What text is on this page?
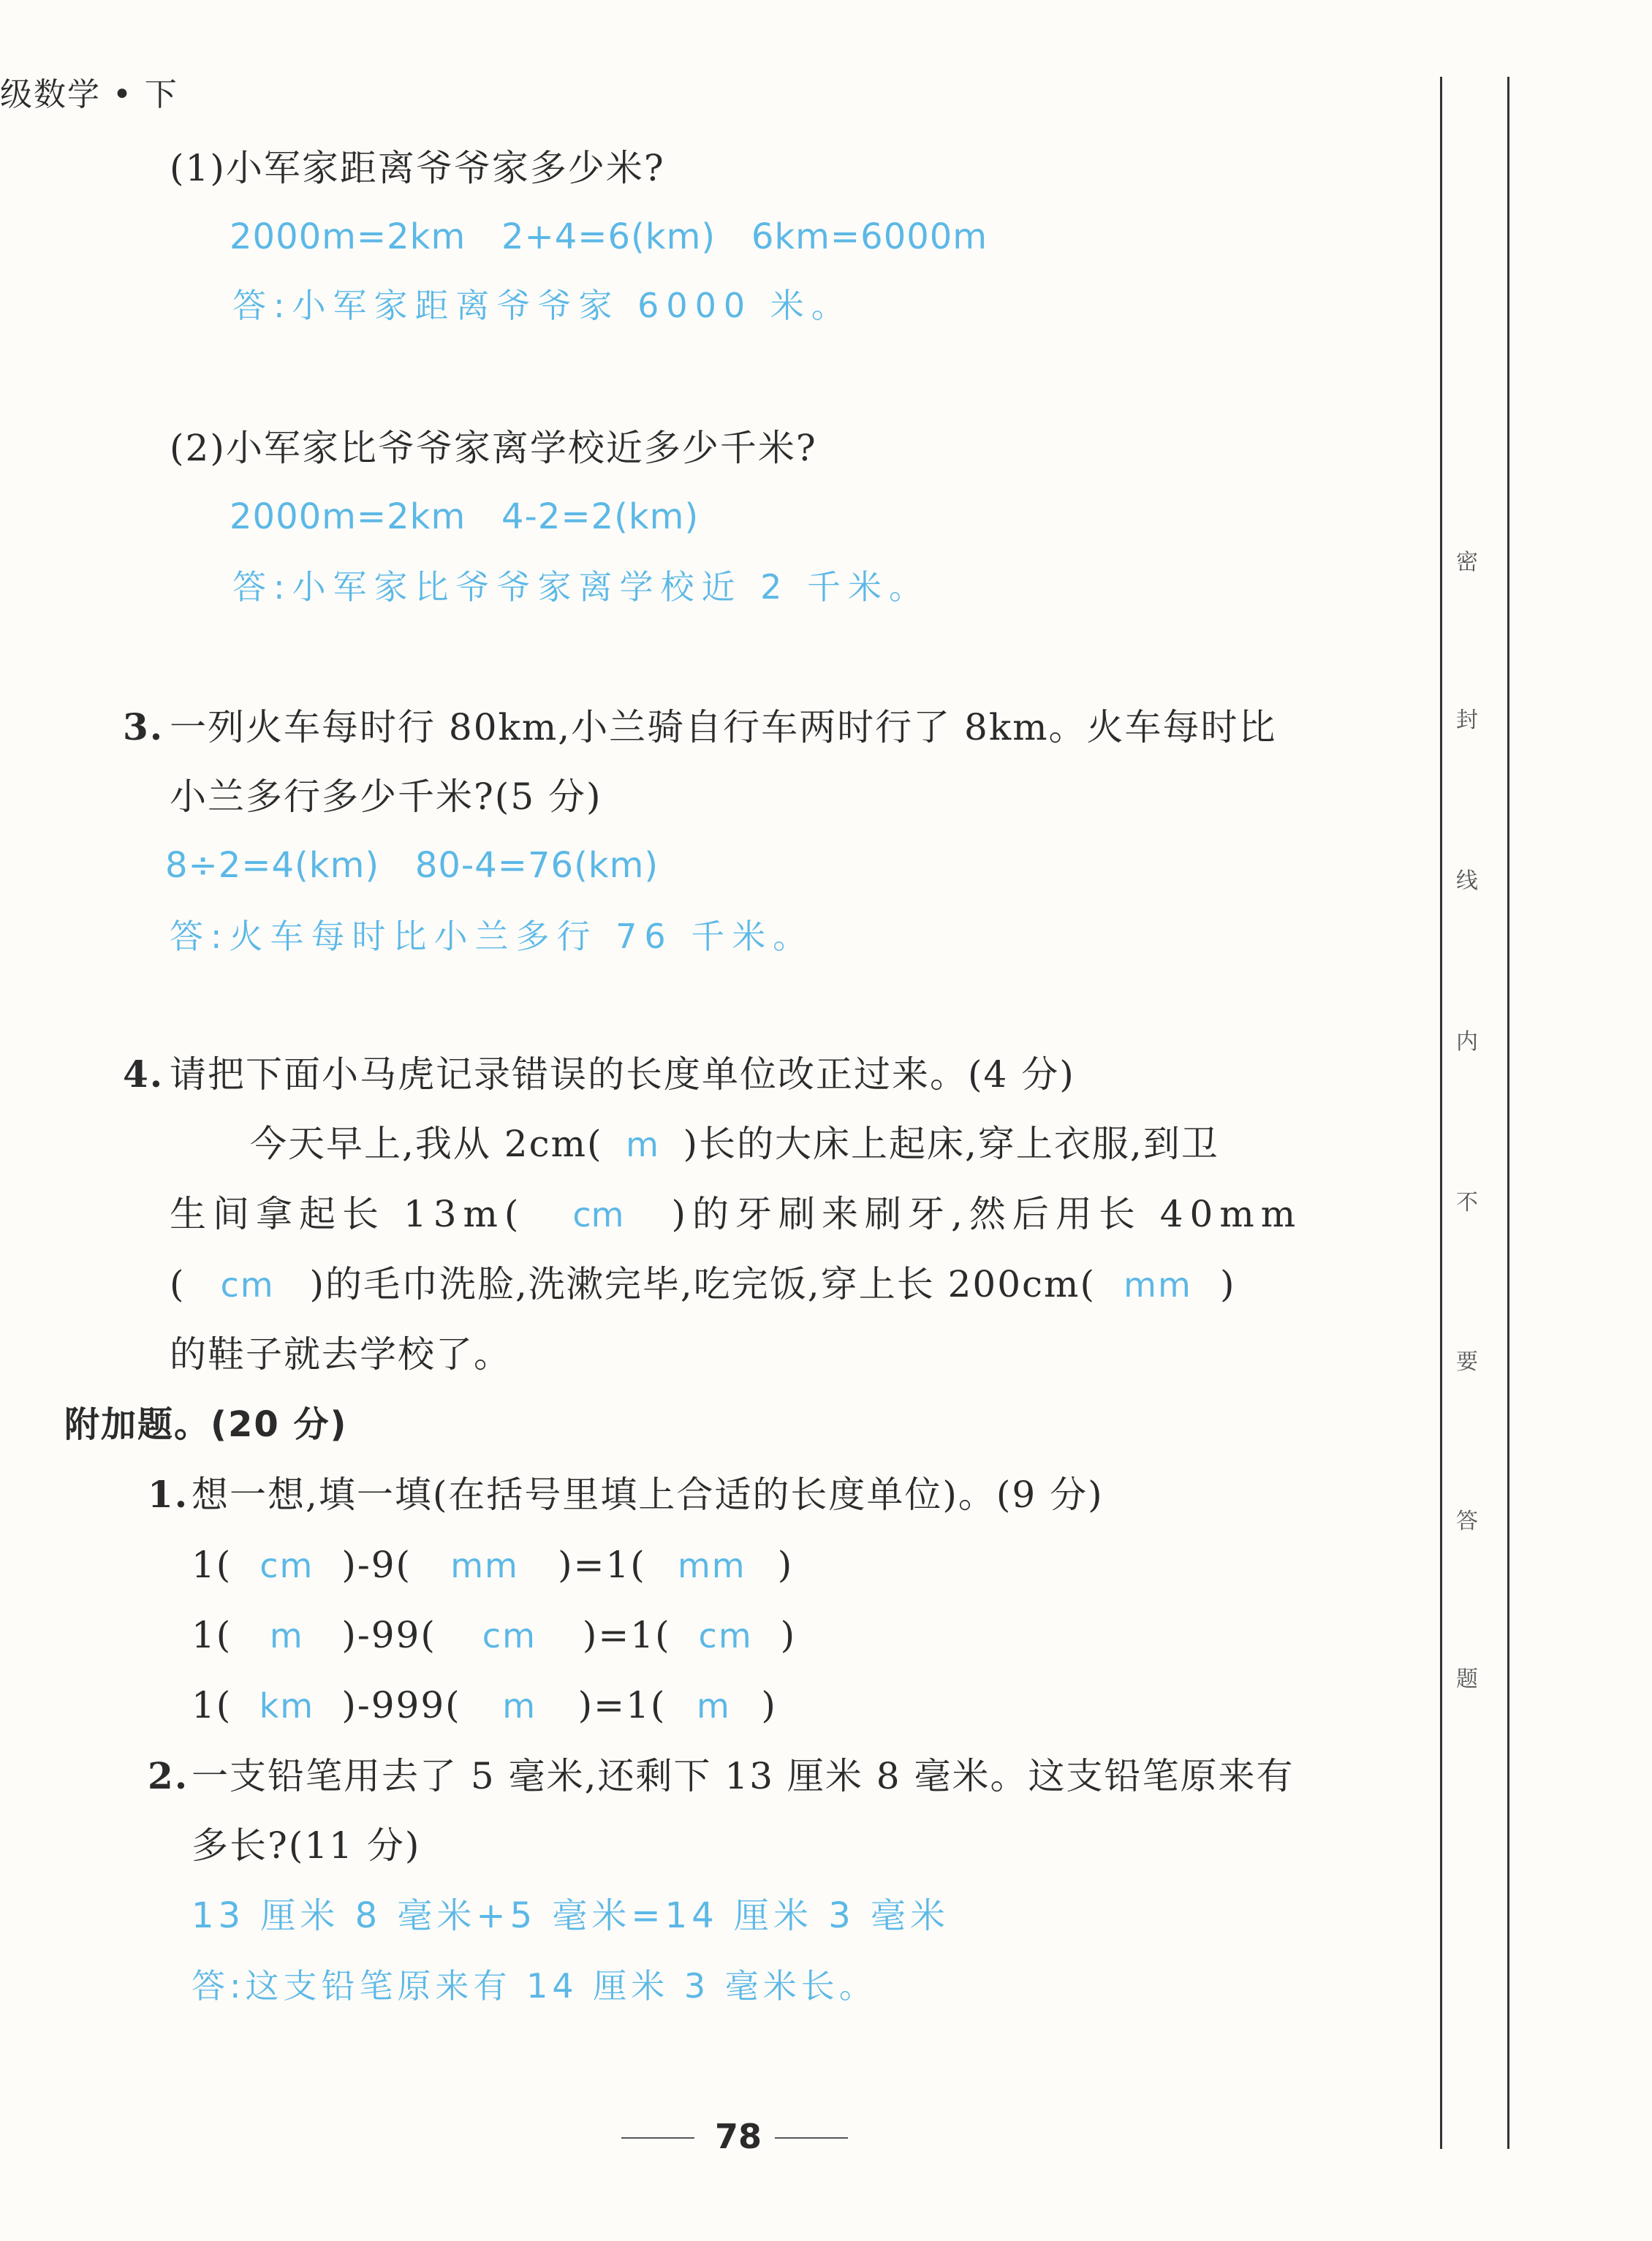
级数学 • 下
(1)小军家距离爷爷家多少米?
2000m=2km   2+4=6(km)   6km=6000m
答:小军家距离爷爷家 6000 米。
(2)小军家比爷爷家离学校近多少千米?
2000m=2km   4-2=2(km)
答:小军家比爷爷家离学校近 2 千米。
3. 一列火车每时行 80km,小兰骑自行车两时行了 8km。火车每时比
小兰多行多少千米?(5 分)
8÷2=4(km)   80-4=76(km)
答:火车每时比小兰多行 76 千米。
4. 请把下面小马虎记录错误的长度单位改正过来。(4 分)
今天早上,我从 2cm( m )长的大床上起床,穿上衣服,到卫
生间拿起长 13m( cm )的牙刷来刷牙,然后用长 40mm
( cm )的毛巾洗脸,洗漱完毕,吃完饭,穿上长 200cm( mm )
的鞋子就去学校了。
附加题。(20 分)
1. 想一想,填一填(在括号里填上合适的长度单位)。(9 分)
1( cm )-9( mm )=1( mm )
1( m )-99( cm )=1( cm )
1( km )-999( m )=1( m )
2. 一支铅笔用去了 5 毫米,还剩下 13 厘米 8 毫米。这支铅笔原来有
多长?(11 分)
13 厘米 8 毫米+5 毫米=14 厘米 3 毫米
答:这支铅笔原来有 14 厘米 3 毫米长。
78
密
封
线
内
不
要
答
题
